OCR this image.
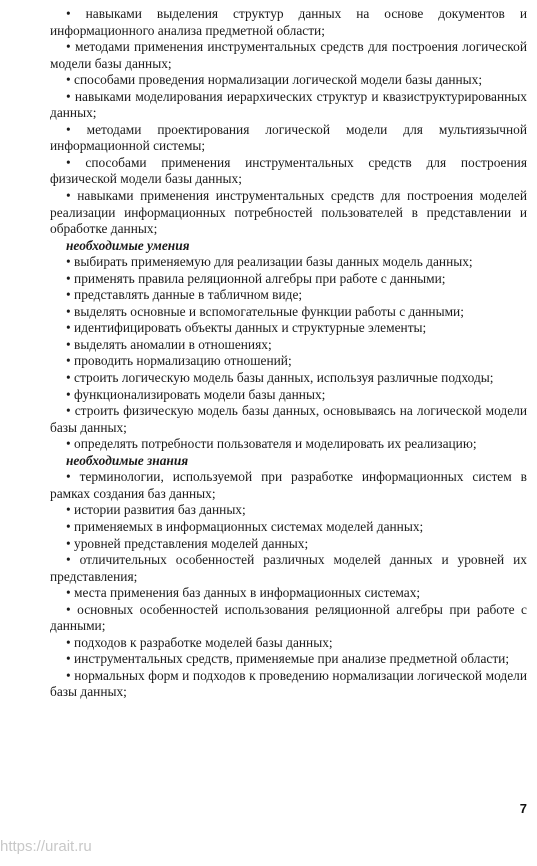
• навыками выделения структур данных на основе документов и информационного анализа предметной области;

• методами применения инструментальных средств для построения логической модели базы данных;

• способами проведения нормализации логической модели базы данных;

• навыками моделирования иерархических структур и квазиструктурированных данных;

• методами проектирования логической модели для мультиязычной информационной системы;

• способами применения инструментальных средств для построения физической модели базы данных;

• навыками применения инструментальных средств для построения моделей реализации информационных потребностей пользователей в представлении и обработке данных;

необходимые умения

• выбирать применяемую для реализации базы данных модель данных;

• применять правила реляционной алгебры при работе с данными;

• представлять данные в табличном виде;

• выделять основные и вспомогательные функции работы с данными;

• идентифицировать объекты данных и структурные элементы;

• выделять аномалии в отношениях;

• проводить нормализацию отношений;

• строить логическую модель базы данных, используя различные подходы;

• функционализировать модели базы данных;

• строить физическую модель базы данных, основываясь на логической модели базы данных;

• определять потребности пользователя и моделировать их реализацию;

необходимые знания

• терминологии, используемой при разработке информационных систем в рамках создания баз данных;

• истории развития баз данных;

• применяемых в информационных системах моделей данных;

• уровней представления моделей данных;

• отличительных особенностей различных моделей данных и уровней их представления;

• места применения баз данных в информационных системах;

• основных особенностей использования реляционной алгебры при работе с данными;

• подходов к разработке моделей базы данных;

• инструментальных средств, применяемые при анализе предметной области;

• нормальных форм и подходов к проведению нормализации логической модели базы данных;

7
https://urait.ru
